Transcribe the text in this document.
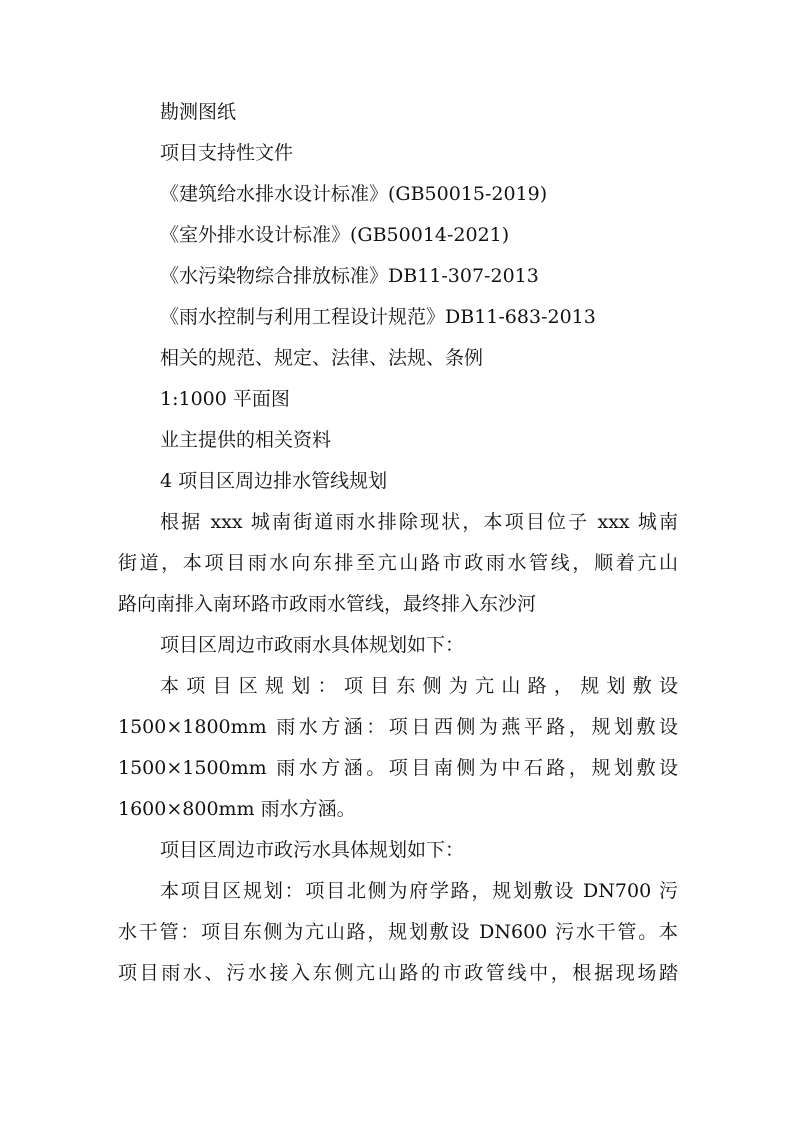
勘测图纸

项目支持性文件

《建筑给水排水设计标准》(GB50015-2019)

《室外排水设计标准》(GB50014-2021)

《水污染物综合排放标准》DB11-307-2013

《雨水控制与利用工程设计规范》DB11-683-2013

相关的规范、规定、法律、法规、条例

1:1000 平面图

业主提供的相关资料

4 项目区周边排水管线规划

根据 xxx 城南街道雨水排除现状，本项目位子 xxx 城南
街道，本项目雨水向东排至亢山路市政雨水管线，顺着亢山
路向南排入南环路市政雨水管线，最终排入东沙河

项目区周边市政雨水具体规划如下：

本项目区规划：项目东侧为亢山路，规划敷设
1500×1800mm 雨水方涵：项日西侧为燕平路，规划敷设
1500×1500mm 雨水方涵。项目南侧为中石路，规划敷设
1600×800mm 雨水方涵。

项目区周边市政污水具体规划如下：

本项目区规划：项目北侧为府学路，规划敷设 DN700 污
水干管：项目东侧为亢山路，规划敷设 DN600 污水干管。本
项目雨水、污水接入东侧亢山路的市政管线中，根据现场踏
